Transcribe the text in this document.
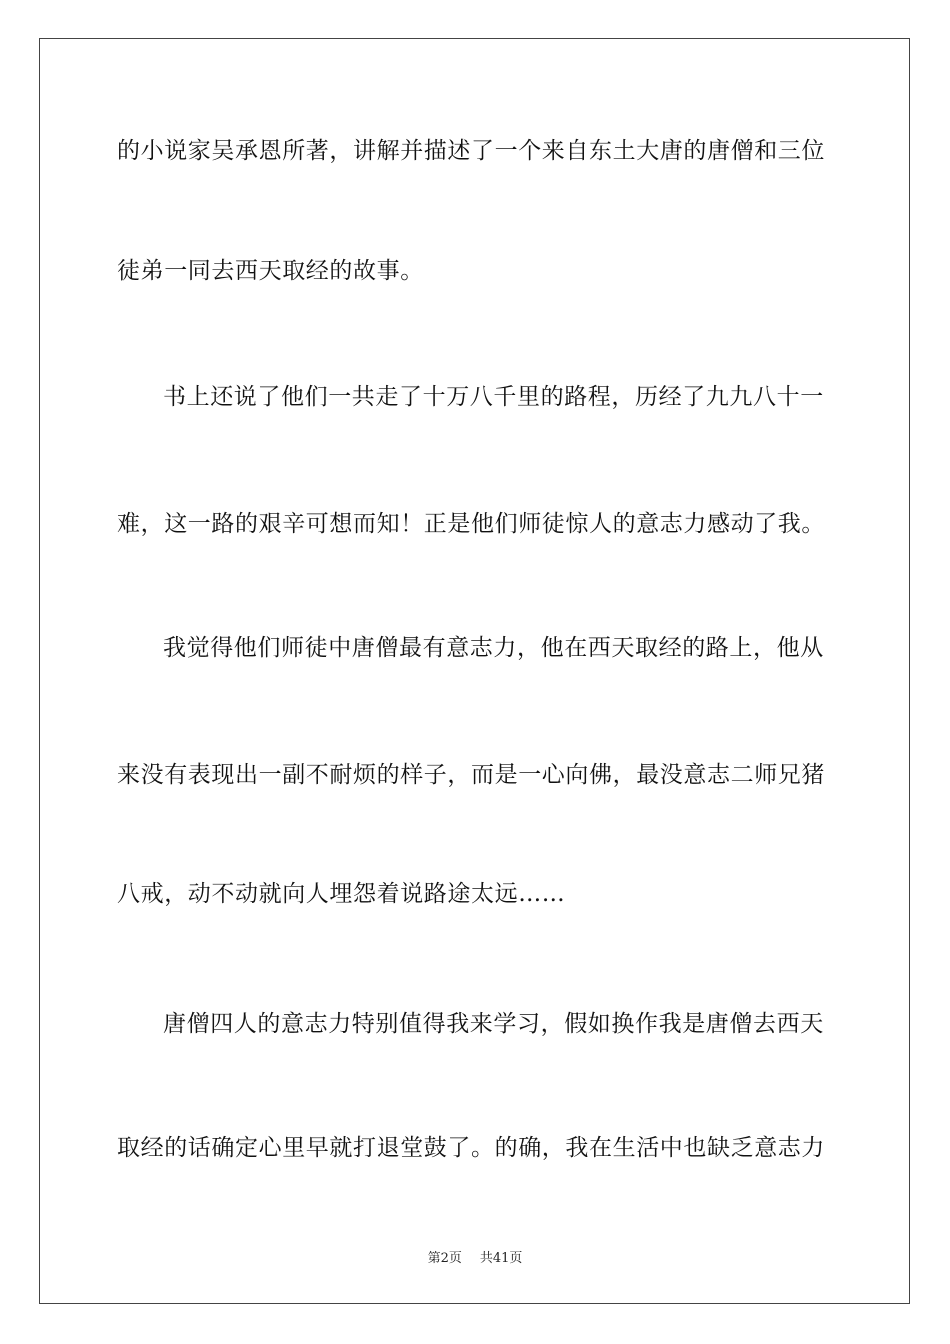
的小说家吴承恩所著，讲解并描述了一个来自东土大唐的唐僧和三位
徒弟一同去西天取经的故事。
书上还说了他们一共走了十万八千里的路程，历经了九九八十一
难，这一路的艰辛可想而知！正是他们师徒惊人的意志力感动了我。
我觉得他们师徒中唐僧最有意志力，他在西天取经的路上，他从
来没有表现出一副不耐烦的样子，而是一心向佛，最没意志二师兄猪
八戒，动不动就向人埋怨着说路途太远……
唐僧四人的意志力特别值得我来学习，假如换作我是唐僧去西天
取经的话确定心里早就打退堂鼓了。的确，我在生活中也缺乏意志力
第2页 共41页
